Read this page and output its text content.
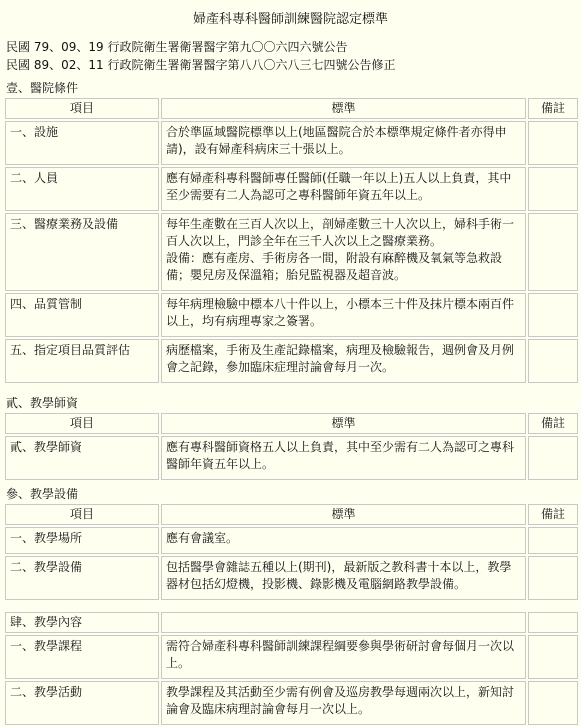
婦產科專科醫師訓練醫院認定標準
民國 79、09、19 行政院衛生署衛署醫字第九〇〇六四六號公告
民國 89、02、11 行政院衛生署衛署醫字第八八〇六八三七四號公告修正
壹、醫院條件
項目	標準	備註
一、設施	合於準區域醫院標準以上(地區醫院合於本標準規定條件者亦得申請)，設有婦產科病床三十張以上。	
二、人員	應有婦產科專科醫師專任醫師(任職一年以上)五人以上負責，其中至少需要有二人為認可之專科醫師年資五年以上。	
三、醫療業務及設備	每年生產數在三百人次以上，剖婦產數三十人次以上，婦科手術一百人次以上，門診全年在三千人次以上之醫療業務。
設備：應有產房、手術房各一間，附設有麻醉機及氧氣等急救設備；嬰兒房及保溫箱；胎兒監視器及超音波。	

四、品質管制	每年病理檢驗中標本八十件以上，小標本三十件及抹片標本兩百件以上，均有病理專家之簽署。	
五、指定項目品質評估	病歷檔案，手術及生產記錄檔案，病理及檢驗報告，週例會及月例會之記錄，參加臨床症理討論會每月一次。	
貳、教學師資
項目	標準	備註
貳、教學師資	應有專科醫師資格五人以上負責，其中至少需有二人為認可之專科醫師年資五年以上。	
參、教學設備
項目	標準	備註
一、教學場所	應有會議室。	
二、教學設備	包括醫學會雜誌五種以上(期刊)，最新版之教科書十本以上，教學器材包括幻燈機，投影機、錄影機及電腦網路教學設備。	
肆、教學內容		
一、教學課程	需符合婦產科專科醫師訓練課程綱要參與學術研討會每個月一次以上。	
二、教學活動	教學課程及其活動至少需有例會及巡房教學每週兩次以上，新知討論會及臨床病理討論會每月一次以上。	
